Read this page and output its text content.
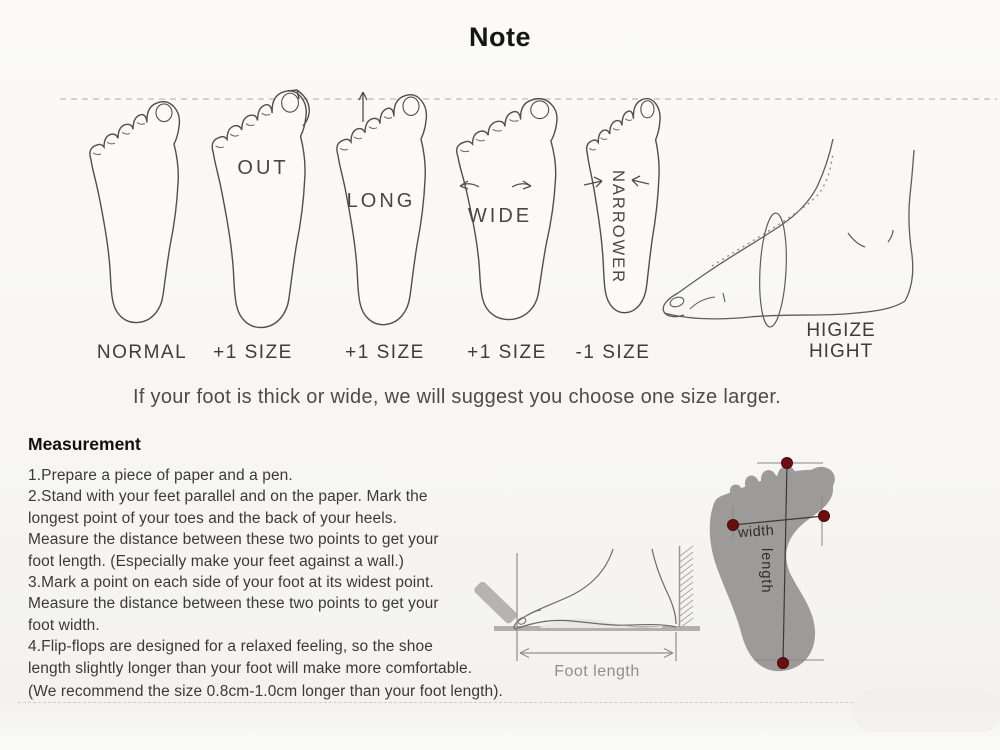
Note
OUT
LONG
WIDE	NARROWER
NORMAL	+1 SIZE	+1 SIZE	+1 SIZE	-1 SIZE
HIGIZE
HIGHT
If your foot is thick or wide, we will suggest you choose one size larger.
Measurement
1.Prepare a piece of paper and a pen.
2.Stand with your feet parallel and on the paper. Mark the
longest point of your toes and the back of your heels.
Measure the distance between these two points to get your
foot length. (Especially make your feet against a wall.)
3.Mark a point on each side of your foot at its widest point.
Measure the distance between these two points to get your
foot width.
4.Flip-flops are designed for a relaxed feeling, so the shoe
length slightly longer than your foot will make more comfortable.
(We recommend the size 0.8cm-1.0cm longer than your foot length).
Foot length
width
length
